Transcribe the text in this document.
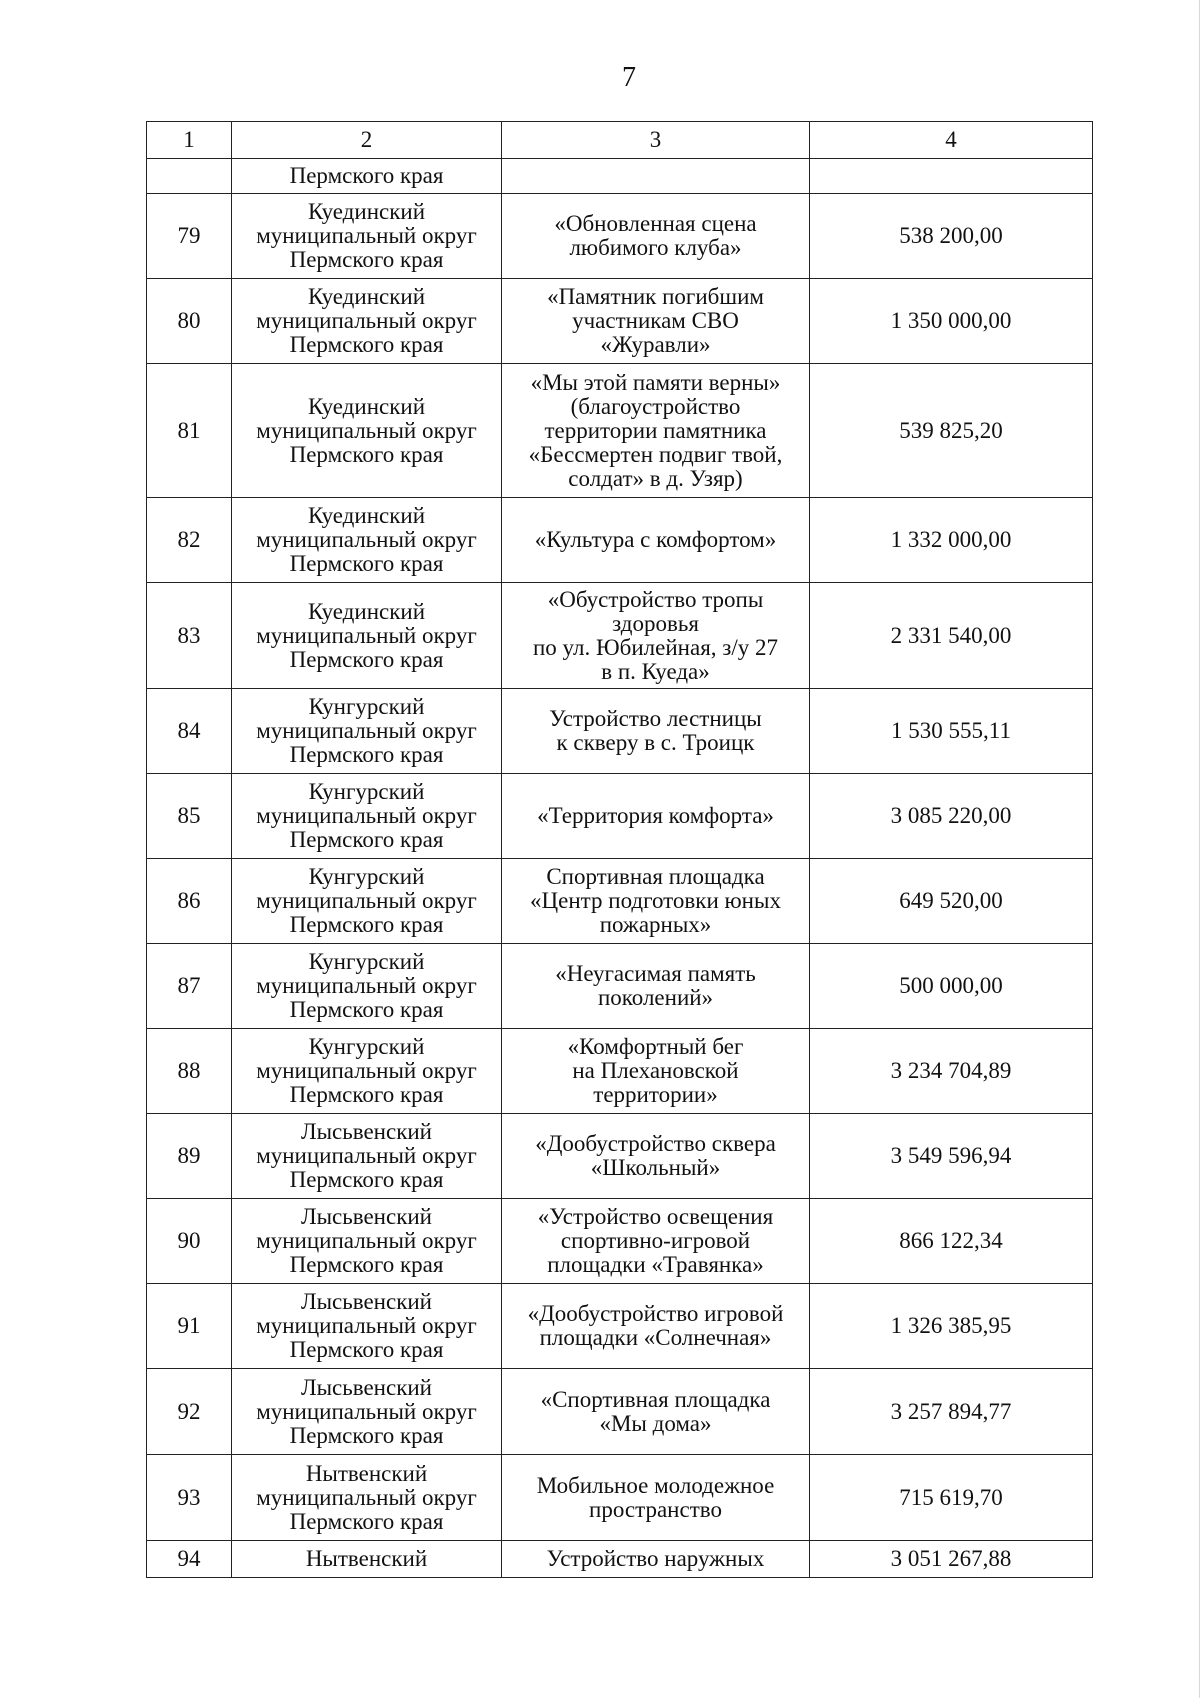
7
1	2	3	4
	Пермского края		
79	Куединский
муниципальный округ
Пермского края	«Обновленная сцена
любимого клуба»	538 200,00
80	Куединский
муниципальный округ
Пермского края	«Памятник погибшим
участникам СВО
«Журавли»	1 350 000,00
81	Куединский
муниципальный округ
Пермского края	«Мы этой памяти верны»
(благоустройство
территории памятника
«Бессмертен подвиг твой,
солдат» в д. Узяр)	539 825,20
82	Куединский
муниципальный округ
Пермского края	«Культура с комфортом»	1 332 000,00
83	Куединский
муниципальный округ
Пермского края	«Обустройство тропы
здоровья
по ул. Юбилейная, з/у 27
в п. Куеда»	2 331 540,00
84	Кунгурский
муниципальный округ
Пермского края	Устройство лестницы
к скверу в с. Троицк	1 530 555,11
85	Кунгурский
муниципальный округ
Пермского края	«Территория комфорта»	3 085 220,00
86	Кунгурский
муниципальный округ
Пермского края	Спортивная площадка
«Центр подготовки юных
пожарных»	649 520,00
87	Кунгурский
муниципальный округ
Пермского края	«Неугасимая память
поколений»	500 000,00
88	Кунгурский
муниципальный округ
Пермского края	«Комфортный бег
на Плехановской
территории»	3 234 704,89
89	Лысьвенский
муниципальный округ
Пермского края	«Дообустройство сквера
«Школьный»	3 549 596,94
90	Лысьвенский
муниципальный округ
Пермского края	«Устройство освещения
спортивно-игровой
площадки «Травянка»	866 122,34
91	Лысьвенский
муниципальный округ
Пермского края	«Дообустройство игровой
площадки «Солнечная»	1 326 385,95
92	Лысьвенский
муниципальный округ
Пермского края	«Спортивная площадка
«Мы дома»	3 257 894,77
93	Нытвенский
муниципальный округ
Пермского края	Мобильное молодежное
пространство	715 619,70
94	Нытвенский	Устройство наружных	3 051 267,88
